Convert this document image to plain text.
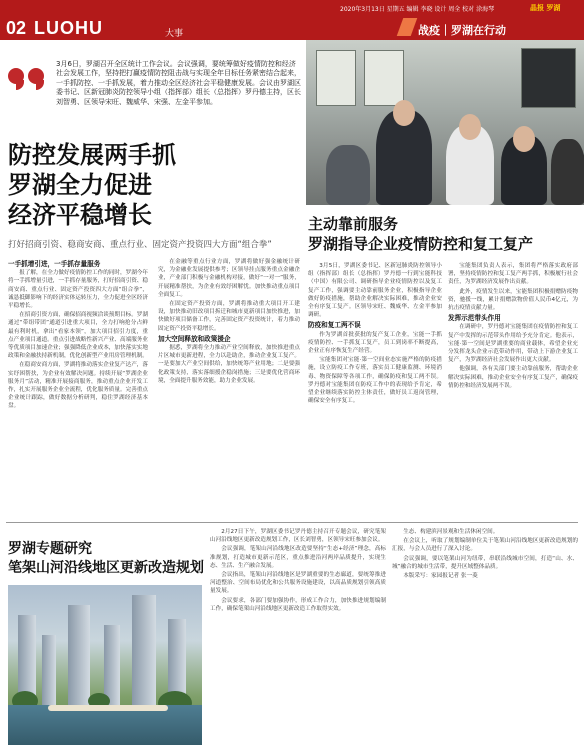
02 LUOHU	大事
2020年3月13日 星期五 编辑 李晓 设计 周全 校对 涂海琴	晶报 罗湖
战疫｜罗湖在行动
3月6日，罗湖召开全区统计工作会议。会议强调，要统筹做好疫情防控和经济社会发展工作，坚持把打赢疫情防控阻击战与实现全年目标任务紧密结合起来，一手抓防控、一手抓发展，着力推动全区经济社会平稳健康发展。会议由罗湖区委书记、区新冠肺炎防控领导小组（指挥部）组长（总指挥）罗丹德主持，区长刘智勇、区领导宋旺、魏威华、宋强、左金平参加。
防控发展两手抓
罗湖全力促进
经济平稳增长
打好招商引资、稳商安商、重点行业、固定资产投资四大方面“组合拳”
一手抓增引进，一手抓存量服务

报了解，在全力做好疫情防控工作的同时，罗湖今年将一手抓增量引进，一手抓存量服务，打好招商引资、稳商安商、重点行业、固定资产投资四大方面“组合拳”，诚恳抵御影响下的经济实体运转压力，全力促进全区经济平稳增长。

在招商引资方面，确保招商视频洽谈预期目标。罗湖通过“带组带团”通道引进重大项目，全力打响抢分占鲜最有利时机，拿出“看家本领”，加大项目招引力度，重点产业项目通道。重点引进战略性新兴产业、高端服务业等优质项目加速企业；强强降低企业成本，加快落实实地政策和金融扶持新机制，优化创新型产业用房管理机制。

在稳商安商方面，罗湖将推动落实企业复产达产，落实纾困帮扶，为企业有效解决问题。持续开展“罗湖企业服务月”活动，精准开展接商服务，推动重点企业开发工作，扎实开展服务企业全流程，优化服务质量。完善重点企业统计跟踪，做好数据分析研判，稳住罗湖经济基本盘。

在金融等重点行业方面，罗湖将做好强金融统计研究，为金融业发展提供参考；区领导挂点服务重点金融企业，产业部门积极与金融机构对接，做好“一对一”服务，开展精准帮扶，为企业有效纾困解忧。加快推动重点项目全面复工。

在固定资产投资方面，罗湖将推动重大项目开工建设，加快推动旧改项目拆迁和城市更新项目加快推进，加快做好项目储备工作，完善固定资产投资统计，着力推动固定资产投资平稳增长。

加大空间释放和政策援企

据悉，罗湖将全力推动产业空间释放，加快推进重点片区城市更新进程，全力以赴助企，推动企业复工复产。一是要加大产业空间供给，加快统筹产业用地；二是要强化政策支持，落实落细援企稳岗措施；三是要优化营商环境，全面提升服务效能，助力企业发展。

主动靠前服务
罗湖指导企业疫情防控和复工复产

3月5日，罗湖区委书记、区新冠肺炎防控领导小组（指挥部）组长（总指挥）罗丹德一行到宝能科技（中国）有限公司、调研指导企业疫情防控以及复工复产工作，强调要主动靠前服务企业，积极指导企业做好防疫措施，帮助企业解决实际困难，推动企业安全有序复工复产。区领导宋旺、魏威华、左金平参加调研。

防疫和复工两不误

作为罗湖首批获批的复产复工企业，宝能一手抓疫情防控、一手抓复工复产，员工到岗率不断提高，企业正有序恢复生产经营。

宝能集团对宝能·第一空间业态实施严格的防疫措施，设立防疫工作专班，落实员工健康监测、环境消毒、物资保障等各项工作，确保防疫和复工两不误。罗丹德对宝能集团在防疫工作中的表现给予肯定，希望企业继续落实防控主体责任，做好员工返岗管理，确保安全有序复工。

宝能集团负责人表示，集团将严格落实政府部署，坚持疫情防控和复工复产两手抓，积极履行社会责任，为罗湖经济发展作出贡献。

此外，疫情发生以来，宝能集团积极捐赠防疫物资，驰援一线，累计捐赠款物价值人民币4亿元，为抗击疫情贡献力量。

发挥示范带头作用

在调研中，罗丹德对宝能集团在疫情防控和复工复产中发挥的示范带头作用给予充分肯定。他表示，宝能·第一空间是罗湖重要的商业载体，希望企业充分发挥龙头企业示范带动作用，带动上下游企业复工复产，为罗湖经济社会发展作出更大贡献。

他强调，各有关部门要主动靠前服务，帮助企业解决实际困难，推动企业安全有序复工复产，确保疫情防控和经济发展两不误。

罗湖专题研究
笔架山河沿线地区更新改造规划

2月27日下午，罗湖区委书记罗丹德主持召开专题会议，研究笔架山河沿线地区更新改造规划工作，区长刘智勇，区领导宋旺参加会议。

会议强调，笔架山河沿线地区改造要坚持“生态+经济”理念，高标准规划，打造城市更新示范区，重点推进沿河两岸品质提升，实现生态、生活、生产融合发展。

会议指出，笔架山河沿线地区是罗湖重要的生态廊道，要统筹推进河道整治、空间布局优化和公共服务设施建设，以高品质规划引领高质量发展。

会议要求，各部门要加强协作，形成工作合力，加快推进规划编制工作，确保笔架山河沿线地区更新改造工作取得实效。

生态、构建滨河景观和生活休闲空间。

在会议上，听取了规划编制单位关于笔架山河沿线地区更新改造规划的汇报，与会人员进行了深入讨论。

会议强调，要以笔架山河为纽带，串联沿线城市空间，打造“山、水、城”融合的城市生活带，提升区域整体品质。

本版采写：家园报记者 张一菱
